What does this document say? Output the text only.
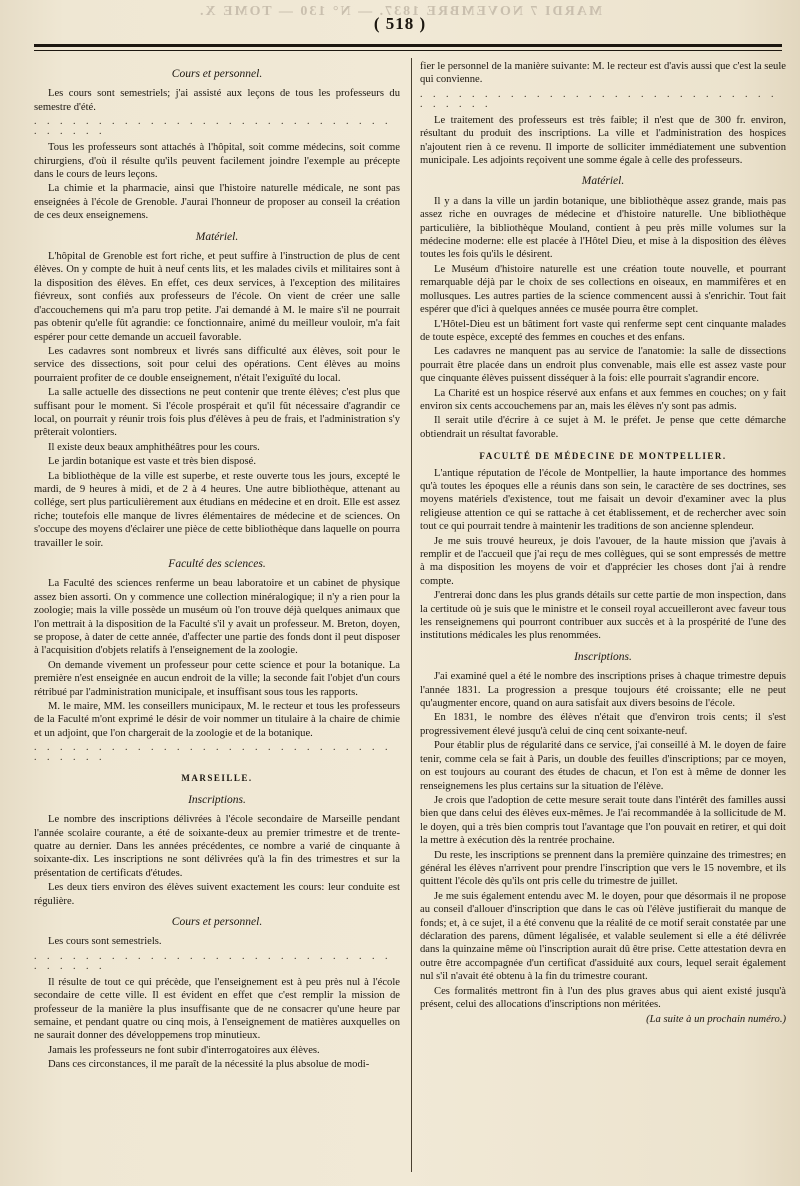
MARDI 7 NOVEMBRE 1837. — N° 130 — TOME X.
( 518 )
Cours et personnel.

Les cours sont semestriels; j'ai assisté aux leçons de tous les professeurs du semestre d'été.

. . . . . . . . . . . . . . . . . . . . . . . . . . . . . . . . . .

Tous les professeurs sont attachés à l'hôpital, soit comme médecins, soit comme chirurgiens, d'où il résulte qu'ils peuvent facilement joindre l'exemple au précepte dans le cours de leurs leçons.

La chimie et la pharmacie, ainsi que l'histoire naturelle médicale, ne sont pas enseignées à l'école de Grenoble. J'aurai l'honneur de proposer au conseil la création de ces deux enseignemens.

Matériel.

L'hôpital de Grenoble est fort riche, et peut suffire à l'instruction de plus de cent élèves. On y compte de huit à neuf cents lits, et les malades civils et militaires sont à la disposition des élèves. En effet, ces deux services, à l'exception des militaires fiévreux, sont confiés aux professeurs de l'école. On vient de créer une salle d'accouchemens qui m'a paru trop petite. J'ai demandé à M. le maire s'il ne pourrait pas obtenir qu'elle fût agrandie: ce fonctionnaire, animé du meilleur vouloir, m'a fait espérer pour cette demande un accueil favorable.

Les cadavres sont nombreux et livrés sans difficulté aux élèves, soit pour le service des dissections, soit pour celui des opérations. Cent élèves au moins pourraient profiter de ce double enseignement, n'était l'exiguïté du local.

La salle actuelle des dissections ne peut contenir que trente élèves; c'est plus que suffisant pour le moment. Si l'école prospérait et qu'il fût nécessaire d'agrandir ce local, on pourrait y réunir trois fois plus d'élèves à peu de frais, et l'administration s'y prêterait volontiers.

Il existe deux beaux amphithéâtres pour les cours.

Le jardin botanique est vaste et très bien disposé.

La bibliothèque de la ville est superbe, et reste ouverte tous les jours, excepté le mardi, de 9 heures à midi, et de 2 à 4 heures. Une autre bibliothèque, attenant au collége, sert plus particulièrement aux étudians en médecine et en droit. Elle est assez riche; toutefois elle manque de livres élémentaires de médecine et de sciences. On s'occupe des moyens d'éclairer une pièce de cette bibliothèque dans laquelle on pourra travailler le soir.

Faculté des sciences.

La Faculté des sciences renferme un beau laboratoire et un cabinet de physique assez bien assorti. On y commence une collection minéralogique; il n'y a rien pour la zoologie; mais la ville possède un muséum où l'on trouve déjà quelques animaux que l'on mettrait à la disposition de la Faculté s'il y avait un professeur. M. Breton, doyen, se propose, à dater de cette année, d'affecter une partie des fonds dont il peut disposer à l'acquisition d'objets relatifs à l'enseignement de la zoologie.

On demande vivement un professeur pour cette science et pour la botanique. La première n'est enseignée en aucun endroit de la ville; la seconde fait l'objet d'un cours rétribué par l'administration municipale, et insuffisant sous tous les rapports.

M. le maire, MM. les conseillers municipaux, M. le recteur et tous les professeurs de la Faculté m'ont exprimé le désir de voir nommer un titulaire à la chaire de chimie et un adjoint, que l'on chargerait de la zoologie et de la botanique.

. . . . . . . . . . . . . . . . . . . . . . . . . . . . . . . . . .
MARSEILLE.
Inscriptions.

Le nombre des inscriptions délivrées à l'école secondaire de Marseille pendant l'année scolaire courante, a été de soixante-deux au premier trimestre et de trente-quatre au dernier. Dans les années précédentes, ce nombre a varié de cinquante à soixante-dix. Les inscriptions ne sont délivrées qu'à la fin des trimestres et sur la présentation de certificats d'études.

Les deux tiers environ des élèves suivent exactement les cours: leur conduite est régulière.

Cours et personnel.

Les cours sont semestriels.

. . . . . . . . . . . . . . . . . . . . . . . . . . . . . . . . . .

Il résulte de tout ce qui précède, que l'enseignement est à peu près nul à l'école secondaire de cette ville. Il est évident en effet que c'est remplir la mission de professeur de la manière la plus insuffisante que de ne consacrer qu'une heure par semaine, et pendant quatre ou cinq mois, à l'enseignement de matières auxquelles on ne saurait donner des développemens trop minutieux.

Jamais les professeurs ne font subir d'interrogatoires aux élèves.

Dans ces circonstances, il me paraît de la nécessité la plus absolue de modi-

fier le personnel de la manière suivante: M. le recteur est d'avis aussi que c'est la seule qui convienne.

. . . . . . . . . . . . . . . . . . . . . . . . . . . . . . . . . .

Le traitement des professeurs est très faible; il n'est que de 300 fr. environ, résultant du produit des inscriptions. La ville et l'administration des hospices n'ajoutent rien à ce revenu. Il importe de solliciter immédiatement une subvention municipale. Les adjoints reçoivent une somme égale à celle des professeurs.

Matériel.

Il y a dans la ville un jardin botanique, une bibliothèque assez grande, mais pas assez riche en ouvrages de médecine et d'histoire naturelle. Une bibliothèque particulière, la bibliothèque Mouland, contient à peu près mille volumes sur la médecine moderne: elle est placée à l'Hôtel Dieu, et mise à la disposition des élèves toutes les fois qu'ils le désirent.

Le Muséum d'histoire naturelle est une création toute nouvelle, et pourrant remarquable déjà par le choix de ses collections en oiseaux, en mammifères et en mollusques. Les autres parties de la science commencent aussi à s'enrichir. Tout fait espérer que d'ici à quelques années ce musée pourra être complet.

L'Hôtel-Dieu est un bâtiment fort vaste qui renferme sept cent cinquante malades de toute espèce, excepté des femmes en couches et des enfans.

Les cadavres ne manquent pas au service de l'anatomie: la salle de dissections pourrait être placée dans un endroit plus convenable, mais elle est assez vaste pour que cinquante élèves puissent disséquer à la fois: elle pourrait s'agrandir encore.

La Charité est un hospice réservé aux enfans et aux femmes en couches; on y fait environ six cents accouchemens par an, mais les élèves n'y sont pas admis.

Il serait utile d'écrire à ce sujet à M. le préfet. Je pense que cette démarche obtiendrait un résultat favorable.

FACULTÉ DE MÉDECINE DE MONTPELLIER.

L'antique réputation de l'école de Montpellier, la haute importance des hommes qu'à toutes les époques elle a réunis dans son sein, le caractère de ses doctrines, ses moyens matériels d'existence, tout me faisait un devoir d'examiner avec la plus religieuse attention ce qui se rattache à cet établissement, et de rechercher avec soin tout ce qui pourrait tendre à maintenir les traditions de son ancienne splendeur.

Je me suis trouvé heureux, je dois l'avouer, de la haute mission que j'avais à remplir et de l'accueil que j'ai reçu de mes collègues, qui se sont empressés de mettre à ma disposition les moyens de voir et d'apprécier les choses dont j'ai à rendre compte.

J'entrerai donc dans les plus grands détails sur cette partie de mon inspection, dans la certitude où je suis que le ministre et le conseil royal accueilleront avec faveur tous les renseignemens qui pourront contribuer aux succès et à la prospérité de l'une des institutions médicales les plus renommées.

Inscriptions.

J'ai examiné quel a été le nombre des inscriptions prises à chaque trimestre depuis l'année 1831. La progression a presque toujours été croissante; elle ne peut qu'augmenter encore, quand on aura satisfait aux divers besoins de l'école.

En 1831, le nombre des élèves n'était que d'environ trois cents; il s'est progressivement élevé jusqu'à celui de cinq cent soixante-neuf.

Pour établir plus de régularité dans ce service, j'ai conseillé à M. le doyen de faire tenir, comme cela se fait à Paris, un double des feuilles d'inscriptions; par ce moyen, on est toujours au courant des études de chacun, et l'on est à même de donner les renseignemens les plus certains sur la situation de l'élève.

Je crois que l'adoption de cette mesure serait toute dans l'intérêt des familles aussi bien que dans celui des élèves eux-mêmes. Je l'ai recommandée à la sollicitude de M. le doyen, qui a très bien compris tout l'avantage que l'on pouvait en retirer, et qui doit la mettre à exécution dès la rentrée prochaine.

Du reste, les inscriptions se prennent dans la première quinzaine des trimestres; en général les élèves n'arrivent pour prendre l'inscription que vers le 15 novembre, et ils quittent l'école dès qu'ils ont pris celle du trimestre de juillet.

Je me suis également entendu avec M. le doyen, pour que désormais il ne propose au conseil d'allouer d'inscription que dans le cas où l'élève justifierait du manque de fonds; et, à ce sujet, il a été convenu que la réalité de ce motif serait constatée par une déclaration des parens, dûment légalisée, et valable seulement si elle a été délivrée dans la quinzaine même où l'inscription aurait dû être prise. Cette attestation devra en outre être accompagnée d'un certificat d'assiduité aux cours, lequel serait également nul s'il n'avait été obtenu à la fin du trimestre courant.

Ces formalités mettront fin à l'un des plus graves abus qui aient existé jusqu'à présent, celui des allocations d'inscriptions non méritées.

(La suite à un prochain numéro.)
